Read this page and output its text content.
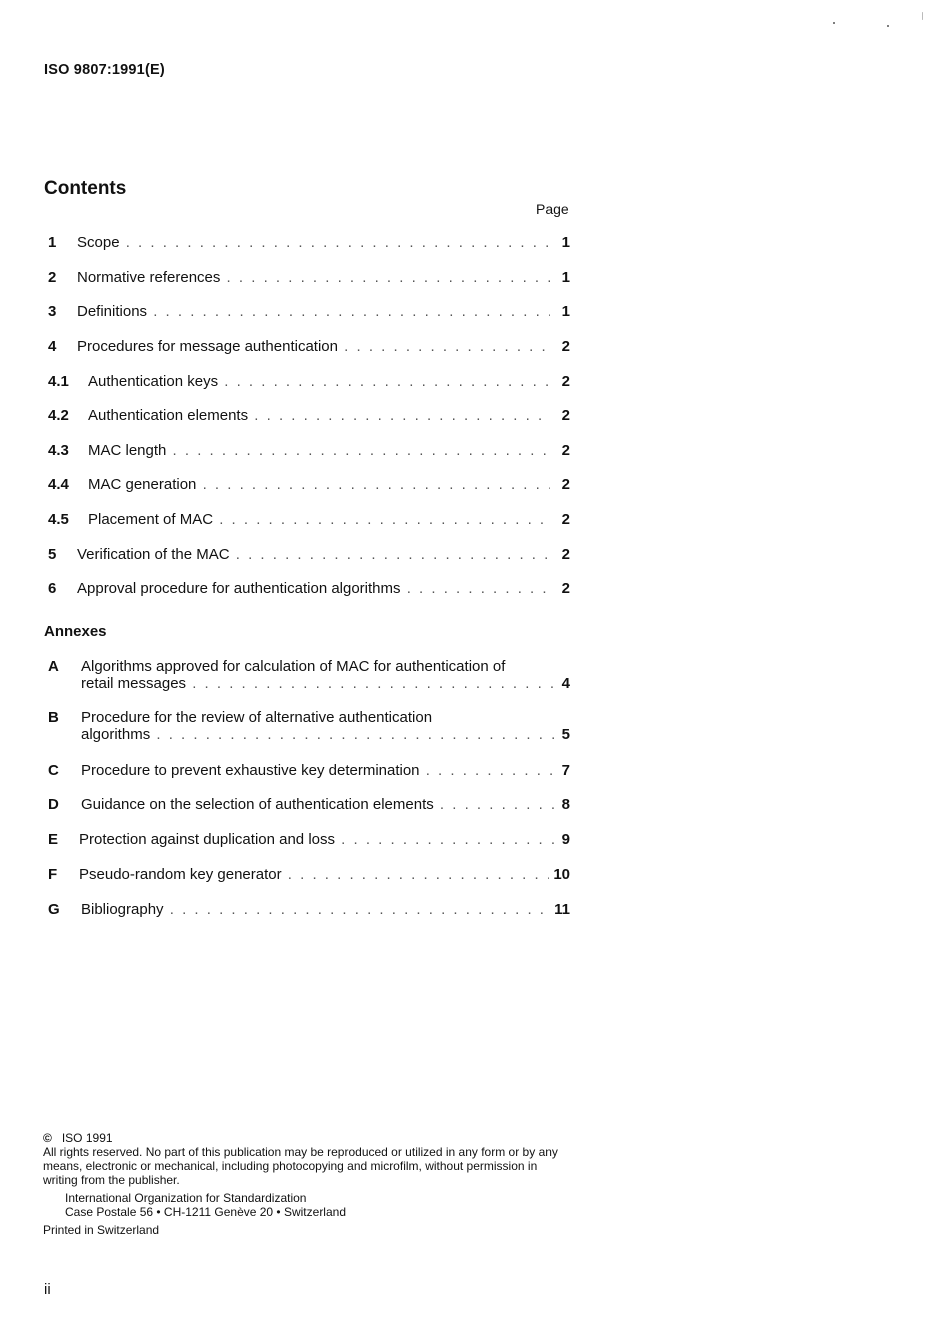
ISO 9807:1991(E)
Contents
Page
1	Scope . . .	1
2	Normative references . . .	1
3	Definitions . . .	1
4	Procedures for message authentication . . .	2
4.1	Authentication keys . . .	2
4.2	Authentication elements . . .	2
4.3	MAC length . . .	2
4.4	MAC generation . . .	2
4.5	Placement of MAC . . .	2
5	Verification of the MAC . . .	2
6	Approval procedure for authentication algorithms . . .	2
Annexes
A Algorithms approved for calculation of MAC for authentication of
retail messages . . .	4
B Procedure for the review of alternative authentication
algorithms . . .	5
C Procedure to prevent exhaustive key determination . . .	7
D Guidance on the selection of authentication elements . . .	8
E Protection against duplication and loss . . .	9
F Pseudo-random key generator . . .	10
G Bibliography . . .	11

© ISO 1991

All rights reserved. No part of this publication may be reproduced or utilized in any form or by any means, electronic or mechanical, including photocopying and microfilm, without permission in writing from the publisher.

International Organization for Standardization

Case Postale 56 • CH-1211 Genève 20 • Switzerland

Printed in Switzerland

ii
